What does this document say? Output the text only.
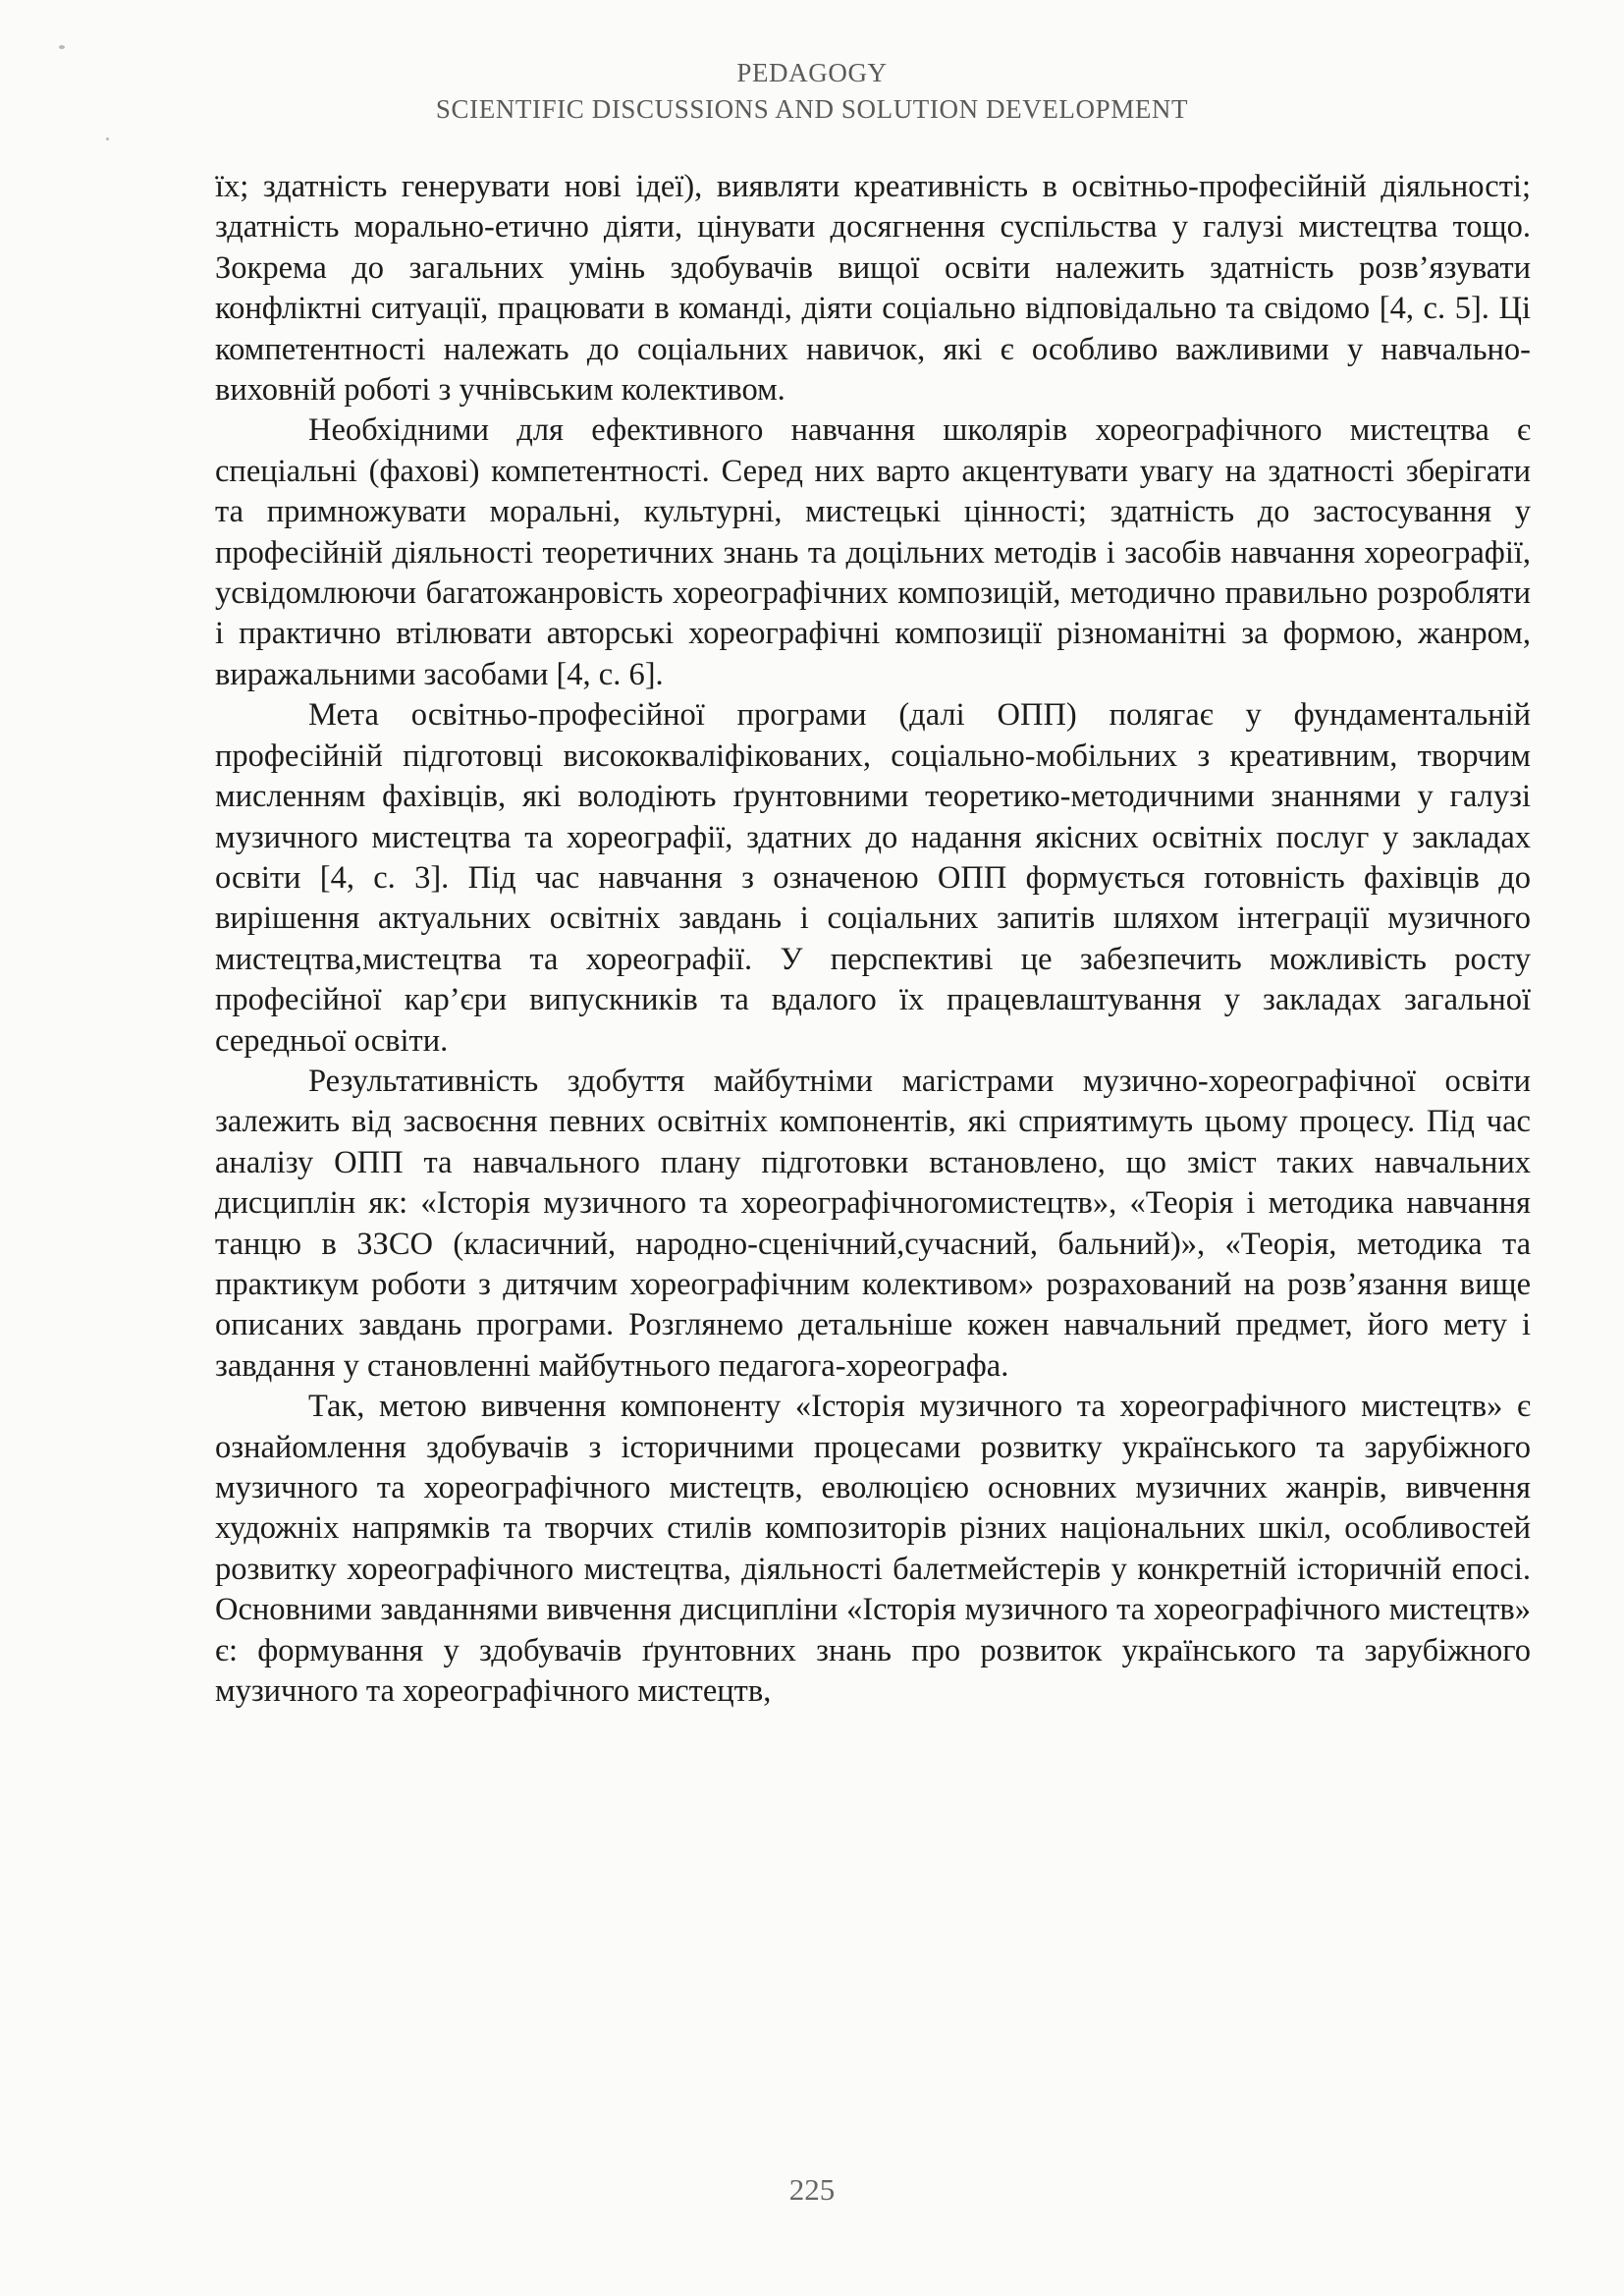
PEDAGOGY
SCIENTIFIC DISCUSSIONS AND SOLUTION DEVELOPMENT

їх; здатність генерувати нові ідеї), виявляти креативність в освітньо-професійній діяльності; здатність морально-етично діяти, цінувати досягнення суспільства у галузі мистецтва тощо. Зокрема до загальних умінь здобувачів вищої освіти належить здатність розв’язувати конфліктні ситуації, працювати в команді, діяти соціально відповідально та свідомо [4, с. 5]. Ці компетентності належать до соціальних навичок, які є особливо важливими у навчально-виховній роботі з учнівським колективом.

Необхідними для ефективного навчання школярів хореографічного мистецтва є спеціальні (фахові) компетентності. Серед них варто акцентувати увагу на здатності зберігати та примножувати моральні, культурні, мистецькі цінності; здатність до застосування у професійній діяльності теоретичних знань та доцільних методів і засобів навчання хореографії, усвідомлюючи багатожанровість хореографічних композицій, методично правильно розробляти і практично втілювати авторські хореографічні композиції різноманітні за формою, жанром, виражальними засобами [4, с. 6].

Мета освітньо-професійної програми (далі ОПП) полягає у фундаментальній професійній підготовці висококваліфікованих, соціально-мобільних з креативним, творчим мисленням фахівців, які володіють ґрунтовними теоретико-методичними знаннями у галузі музичного мистецтва та хореографії, здатних до надання якісних освітніх послуг у закладах освіти [4, с. 3]. Під час навчання з означеною ОПП формується готовність фахівців до вирішення актуальних освітніх завдань і соціальних запитів шляхом інтеграції музичного мистецтва,мистецтва та хореографії. У перспективі це забезпечить можливість росту професійної кар’єри випускників та вдалого їх працевлаштування у закладах загальної середньої освіти.

Результативність здобуття майбутніми магістрами музично-хореографічної освіти залежить від засвоєння певних освітніх компонентів, які сприятимуть цьому процесу. Під час аналізу ОПП та навчального плану підготовки встановлено, що зміст таких навчальних дисциплін як: «Історія музичного та хореографічногомистецтв», «Теорія і методика навчання танцю в ЗЗСО (класичний, народно-сценічний,сучасний, бальний)», «Теорія, методика та практикум роботи з дитячим хореографічним колективом» розрахований на розв’язання вище описаних завдань програми. Розглянемо детальніше кожен навчальний предмет, його мету і завдання у становленні майбутнього педагога-хореографа.

Так, метою вивчення компоненту «Історія музичного та хореографічного мистецтв» є ознайомлення здобувачів з історичними процесами розвитку українського та зарубіжного музичного та хореографічного мистецтв, еволюцією основних музичних жанрів, вивчення художніх напрямків та творчих стилів композиторів різних національних шкіл, особливостей розвитку хореографічного мистецтва, діяльності балетмейстерів у конкретній історичній епосі. Основними завданнями вивчення дисципліни «Історія музичного та хореографічного мистецтв» є: формування у здобувачів ґрунтовних знань про розвиток українського та зарубіжного музичного та хореографічного мистецтв,

225
